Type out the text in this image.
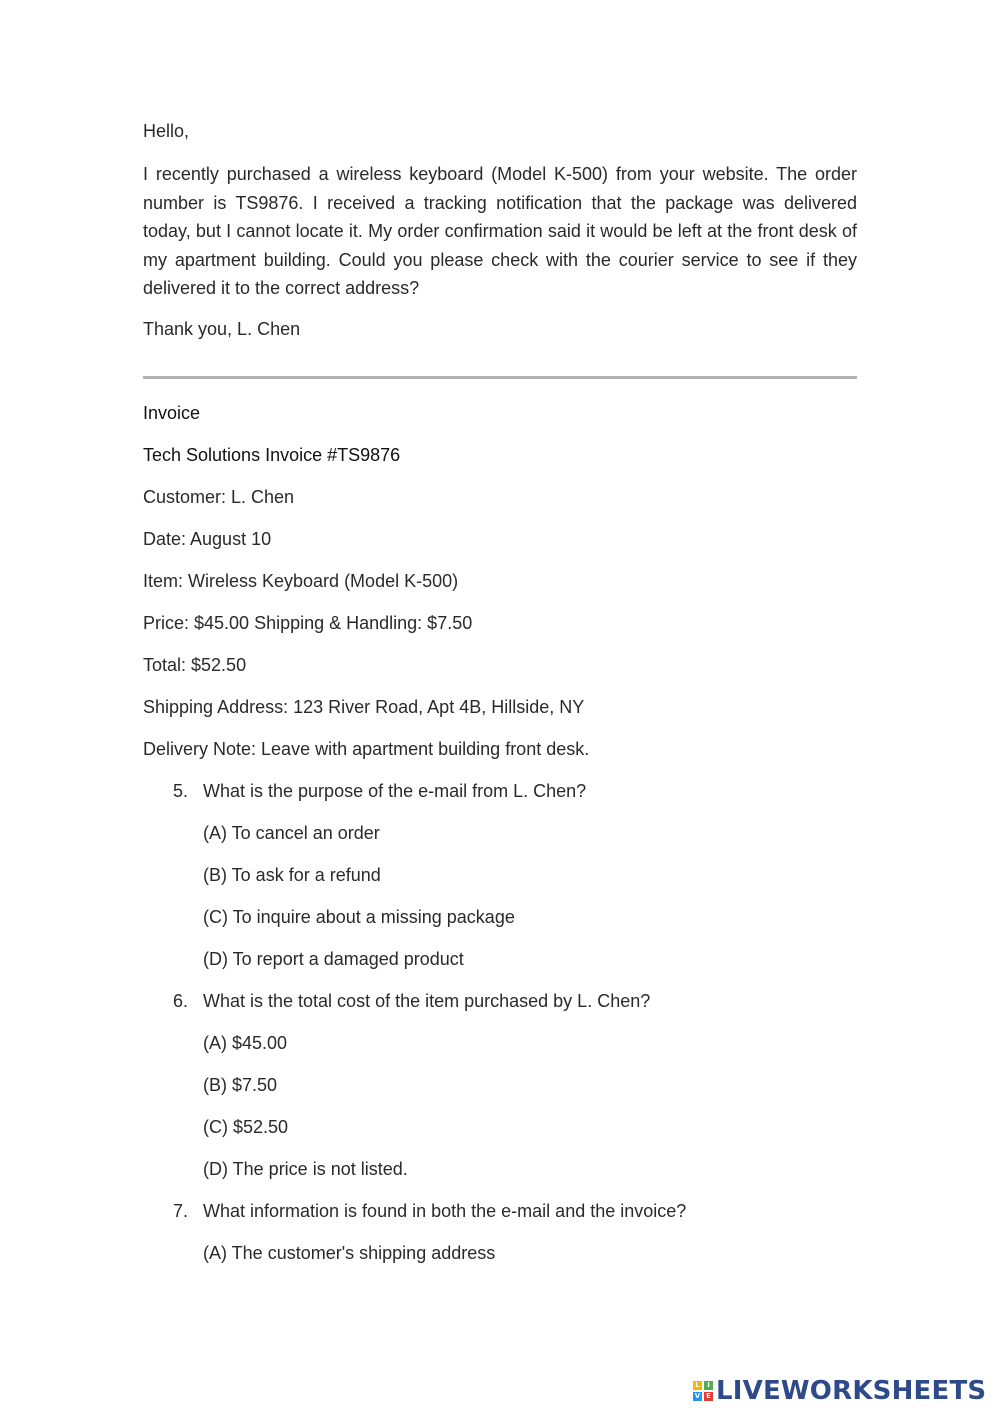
Hello,

I recently purchased a wireless keyboard (Model K-500) from your website. The order number is TS9876. I received a tracking notification that the package was delivered today, but I cannot locate it. My order confirmation said it would be left at the front desk of my apartment building. Could you please check with the courier service to see if they delivered it to the correct address?

Thank you, L. Chen

Invoice

Tech Solutions Invoice #TS9876

Customer: L. Chen

Date: August 10

Item: Wireless Keyboard (Model K-500)

Price: $45.00 Shipping & Handling: $7.50

Total: $52.50

Shipping Address: 123 River Road, Apt 4B, Hillside, NY

Delivery Note: Leave with apartment building front desk.

5. What is the purpose of the e-mail from L. Chen?
(A) To cancel an order
(B) To ask for a refund
(C) To inquire about a missing package
(D) To report a damaged product
6. What is the total cost of the item purchased by L. Chen?
(A) $45.00
(B) $7.50
(C) $52.50
(D) The price is not listed.
7. What information is found in both the e-mail and the invoice?
(A) The customer's shipping address
L	I
V E LIVEWORKSHEETS
